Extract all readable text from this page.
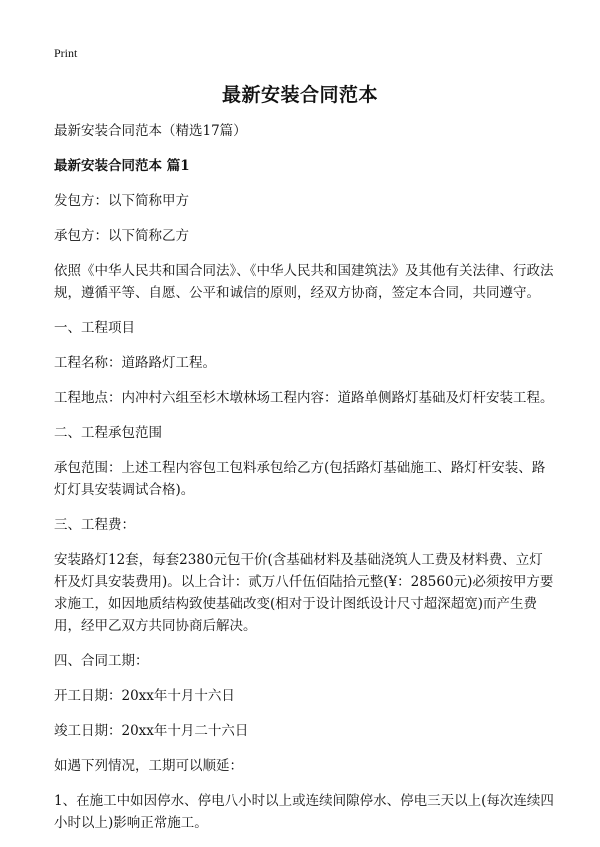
Print
最新安装合同范本

最新安装合同范本（精选17篇）

最新安装合同范本 篇1

发包方：以下简称甲方

承包方：以下简称乙方

依照《中华人民共和国合同法》、《中华人民共和国建筑法》及其他有关法律、行政法规，遵循平等、自愿、公平和诚信的原则，经双方协商，签定本合同，共同遵守。

一、工程项目

工程名称：道路路灯工程。

工程地点：内冲村六组至杉木墩林场工程内容：道路单侧路灯基础及灯杆安装工程。

二、工程承包范围

承包范围：上述工程内容包工包料承包给乙方(包括路灯基础施工、路灯杆安装、路灯灯具安装调试合格)。

三、工程费：

安装路灯12套，每套2380元包干价(含基础材料及基础浇筑人工费及材料费、立灯杆及灯具安装费用)。以上合计：贰万八仟伍佰陆拾元整(¥：28560元)必须按甲方要求施工，如因地质结构致使基础改变(相对于设计图纸设计尺寸超深超宽)而产生费用，经甲乙双方共同协商后解决。

四、合同工期：

开工日期：20xx年十月十六日

竣工日期：20xx年十月二十六日

如遇下列情况，工期可以顺延：

1、在施工中如因停水、停电八小时以上或连续间隙停水、停电三天以上(每次连续四小时以上)影响正常施工。
